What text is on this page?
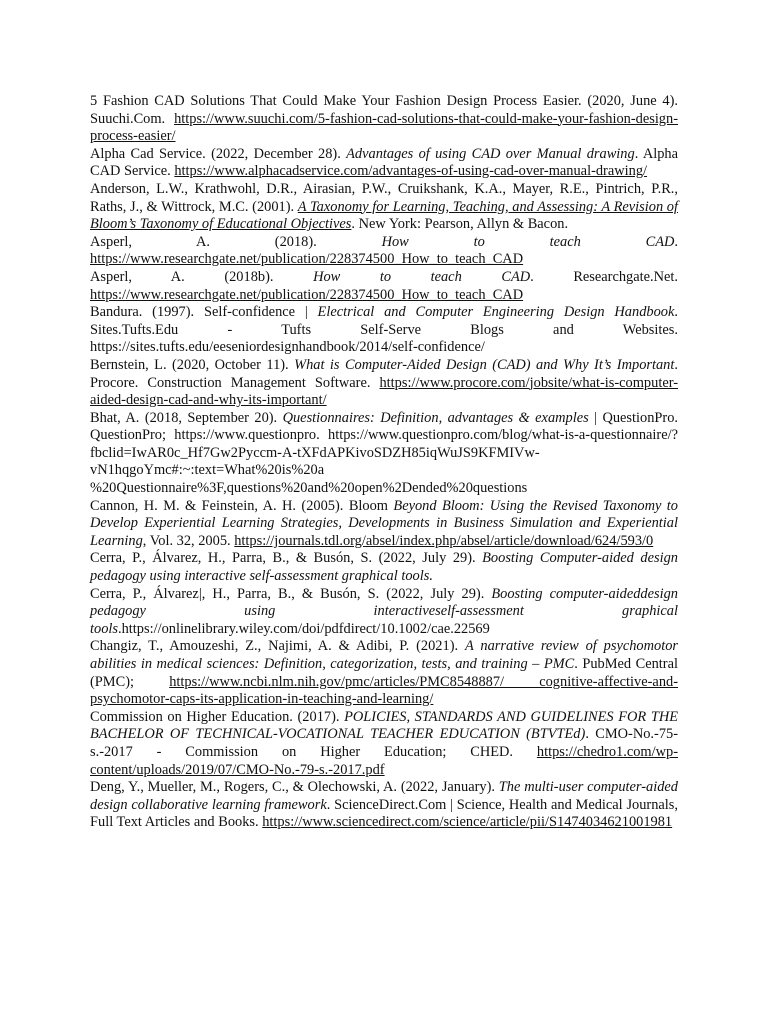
5 Fashion CAD Solutions That Could Make Your Fashion Design Process Easier. (2020, June 4). Suuchi.Com. https://www.suuchi.com/5-fashion-cad-solutions-that-could-make-your-fashion-design-process-easier/

Alpha Cad Service. (2022, December 28). Advantages of using CAD over Manual drawing. Alpha CAD Service. https://www.alphacadservice.com/advantages-of-using-cad-over-manual-drawing/

Anderson, L.W., Krathwohl, D.R., Airasian, P.W., Cruikshank, K.A., Mayer, R.E., Pintrich, P.R., Raths, J., & Wittrock, M.C. (2001). A Taxonomy for Learning, Teaching, and Assessing: A Revision of Bloom’s Taxonomy of Educational Objectives. New York: Pearson, Allyn & Bacon.

Asperl, A. (2018). How to teach CAD. https://www.researchgate.net/publication/228374500_How_to_teach_CAD

Asperl, A. (2018b). How to teach CAD. Researchgate.Net. https://www.researchgate.net/publication/228374500_How_to_teach_CAD

Bandura. (1997). Self-confidence | Electrical and Computer Engineering Design Handbook. Sites.Tufts.Edu - Tufts Self-Serve Blogs and Websites. https://sites.tufts.edu/eeseniordesignhandbook/2014/self-confidence/

Bernstein, L. (2020, October 11). What is Computer-Aided Design (CAD) and Why It’s Important. Procore. Construction Management Software. https://www.procore.com/jobsite/what-is-computer-aided-design-cad-and-why-its-important/

Bhat, A. (2018, September 20). Questionnaires: Definition, advantages & examples | QuestionPro. QuestionPro; https://www.questionpro. https://www.questionpro.com/blog/what-is-a-questionnaire/?fbclid=IwAR0c_Hf7Gw2Pyccm-A-tXFdAPKivoSDZH85iqWuJS9KFMIVw-vN1hqgoYmc#:~:text=What%20is%20a %20Questionnaire%3F,questions%20and%20open%2Dended%20questions

Cannon, H. M. & Feinstein, A. H. (2005). Bloom Beyond Bloom: Using the Revised Taxonomy to Develop Experiential Learning Strategies, Developments in Business Simulation and Experiential Learning, Vol. 32, 2005. https://journals.tdl.org/absel/index.php/absel/article/download/624/593/0

Cerra, P., Álvarez, H., Parra, B., & Busón, S. (2022, July 29). Boosting Computer-aided design pedagogy using interactive self-assessment graphical tools.

Cerra, P., Álvarez|, H., Parra, B., & Busón, S. (2022, July 29). Boosting computer-aideddesign pedagogy using interactiveself-assessment graphical tools.https://onlinelibrary.wiley.com/doi/pdfdirect/10.1002/cae.22569

Changiz, T., Amouzeshi, Z., Najimi, A. & Adibi, P. (2021). A narrative review of psychomotor abilities in medical sciences: Definition, categorization, tests, and training – PMC. PubMed Central (PMC); https://www.ncbi.nlm.nih.gov/pmc/articles/PMC8548887/ cognitive-affective-and-psychomotor-caps-its-application-in-teaching-and-learning/

Commission on Higher Education. (2017). POLICIES, STANDARDS AND GUIDELINES FOR THE BACHELOR OF TECHNICAL-VOCATIONAL TEACHER EDUCATION (BTVTEd). CMO-No.-75-s.-2017 - Commission on Higher Education; CHED. https://chedro1.com/wp-content/uploads/2019/07/CMO-No.-79-s.-2017.pdf

Deng, Y., Mueller, M., Rogers, C., & Olechowski, A. (2022, January). The multi-user computer-aided design collaborative learning framework. ScienceDirect.Com | Science, Health and Medical Journals, Full Text Articles and Books. https://www.sciencedirect.com/science/article/pii/S1474034621001981
